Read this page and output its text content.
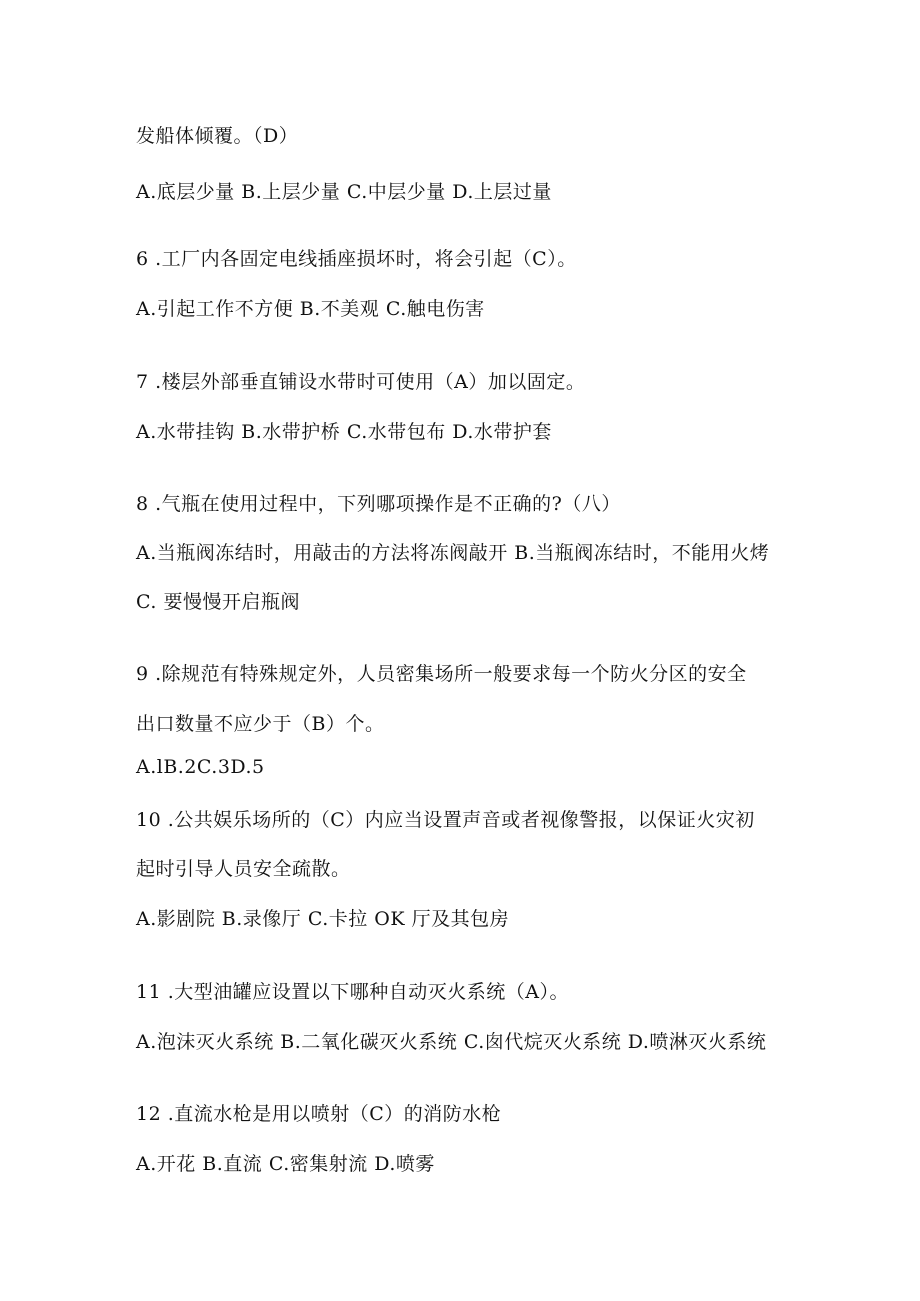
发船体倾覆。（D）
A.底层少量 B.上层少量 C.中层少量 D.上层过量
6 .工厂内各固定电线插座损坏时，将会引起（C）。
A.引起工作不方便 B.不美观 C.触电伤害
7 .楼层外部垂直铺设水带时可使用（A）加以固定。
A.水带挂钩 B.水带护桥 C.水带包布 D.水带护套
8 .气瓶在使用过程中，下列哪项操作是不正确的?（八）
A.当瓶阀冻结时，用敲击的方法将冻阀敲开 B.当瓶阀冻结时，不能用火烤
C. 要慢慢开启瓶阀
9 .除规范有特殊规定外，人员密集场所一般要求每一个防火分区的安全
出口数量不应少于（B）个。
A.lB.2C.3D.5
10 .公共娱乐场所的（C）内应当设置声音或者视像警报，以保证火灾初
起时引导人员安全疏散。
A.影剧院 B.录像厅 C.卡拉 OK 厅及其包房
11 .大型油罐应设置以下哪种自动灭火系统（A）。
A.泡沫灭火系统 B.二氧化碳灭火系统 C.囱代烷灭火系统 D.喷淋灭火系统
12 .直流水枪是用以喷射（C）的消防水枪
A.开花 B.直流 C.密集射流 D.喷雾
